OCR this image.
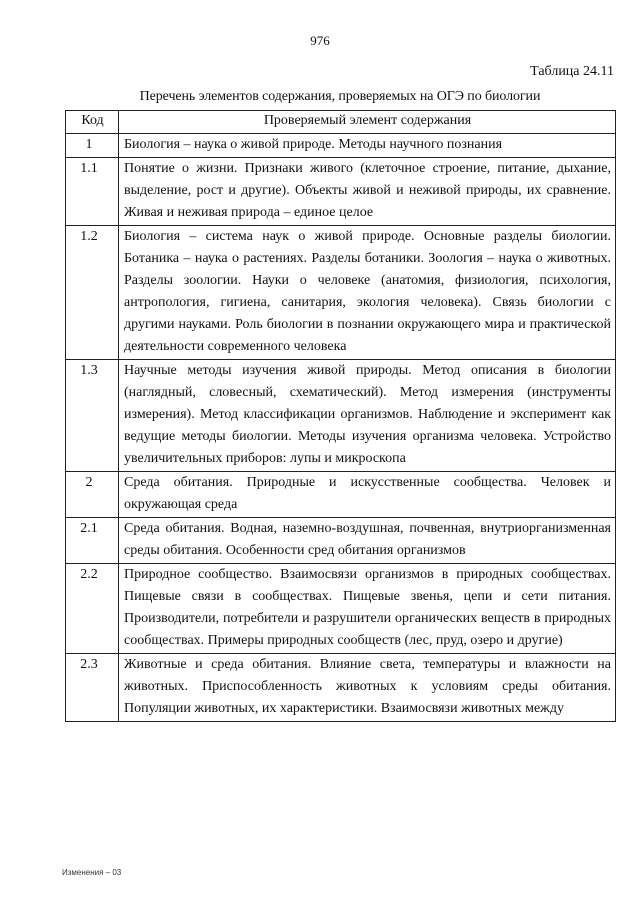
976
Таблица 24.11
Перечень элементов содержания, проверяемых на ОГЭ по биологии
Код	Проверяемый элемент содержания
1	Биология – наука о живой природе. Методы научного познания
1.1	Понятие о жизни. Признаки живого (клеточное строение, питание, дыхание, выделение, рост и другие). Объекты живой и неживой природы, их сравнение. Живая и неживая природа – единое целое
1.2	Биология – система наук о живой природе. Основные разделы биологии. Ботаника – наука о растениях. Разделы ботаники. Зоология – наука о животных. Разделы зоологии. Науки о человеке (анатомия, физиология, психология, антропология, гигиена, санитария, экология человека). Связь биологии с другими науками. Роль биологии в познании окружающего мира и практической деятельности современного человека
1.3	Научные методы изучения живой природы. Метод описания в биологии (наглядный, словесный, схематический). Метод измерения (инструменты измерения). Метод классификации организмов. Наблюдение и эксперимент как ведущие методы биологии. Методы изучения организма человека. Устройство увеличительных приборов: лупы и микроскопа
2	Среда обитания. Природные и искусственные сообщества. Человек и окружающая среда
2.1	Среда обитания. Водная, наземно-воздушная, почвенная, внутриорганизменная среды обитания. Особенности сред обитания организмов
2.2	Природное сообщество. Взаимосвязи организмов в природных сообществах. Пищевые связи в сообществах. Пищевые звенья, цепи и сети питания. Производители, потребители и разрушители органических веществ в природных сообществах. Примеры природных сообществ (лес, пруд, озеро и другие)
2.3	Животные и среда обитания. Влияние света, температуры и влажности на животных. Приспособленность животных к условиям среды обитания. Популяции животных, их характеристики. Взаимосвязи животных между
Изменения – 03
